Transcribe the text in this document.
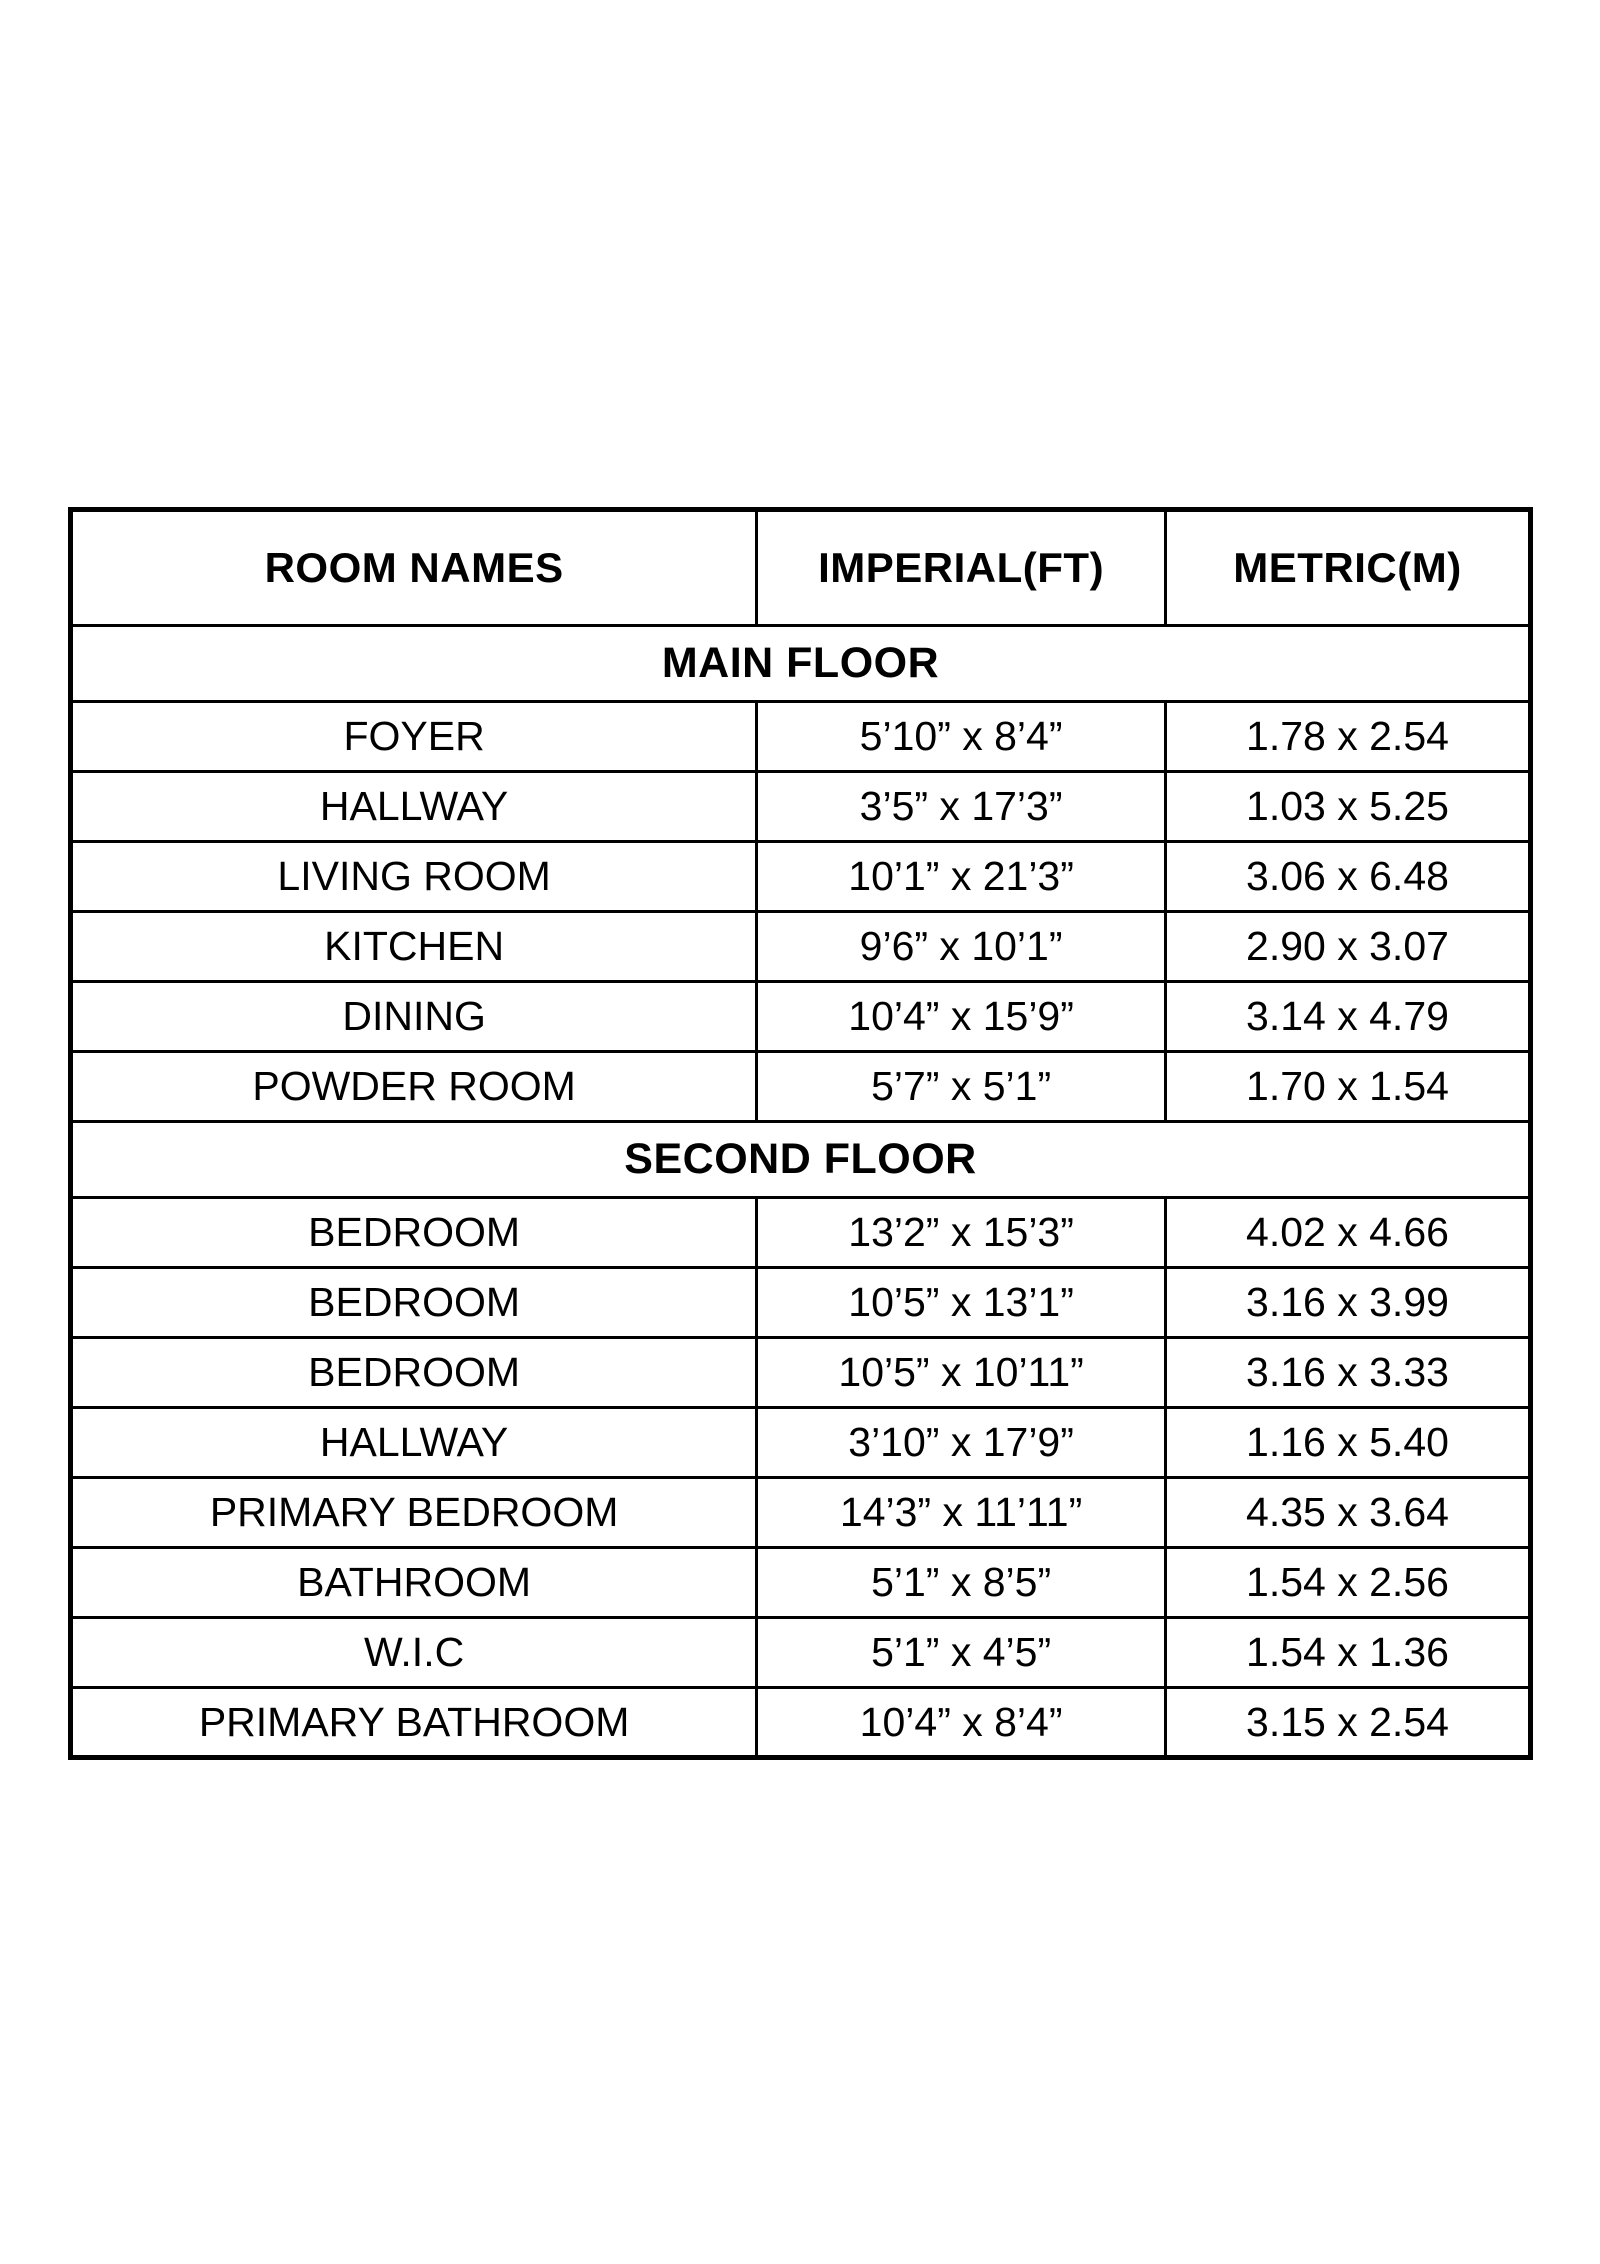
ROOM NAMES	IMPERIAL(FT)	METRIC(M)
MAIN FLOOR		
FOYER	5’10” x 8’4”	1.78 x 2.54
HALLWAY	3’5” x 17’3”	1.03 x 5.25
LIVING ROOM	10’1” x 21’3”	3.06 x 6.48
KITCHEN	9’6” x 10’1”	2.90 x 3.07
DINING	10’4” x 15’9”	3.14 x 4.79
POWDER ROOM	5’7” x 5’1”	1.70 x 1.54
SECOND FLOOR		
BEDROOM	13’2” x 15’3”	4.02 x 4.66
BEDROOM	10’5” x 13’1”	3.16 x 3.99
BEDROOM	10’5” x 10’11”	3.16 x 3.33
HALLWAY	3’10” x 17’9”	1.16 x 5.40
PRIMARY BEDROOM	14’3” x 11’11”	4.35 x 3.64
BATHROOM	5’1” x 8’5”	1.54 x 2.56
W.I.C	5’1” x 4’5”	1.54 x 1.36
PRIMARY BATHROOM	10’4” x 8’4”	3.15 x 2.54
